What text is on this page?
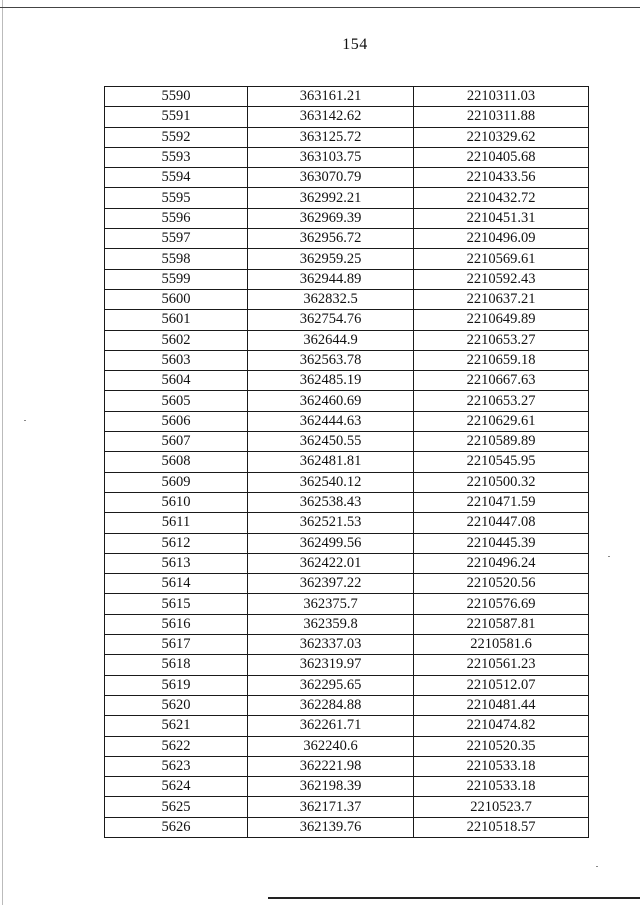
154
5590	363161.21	2210311.03
5591	363142.62	2210311.88
5592	363125.72	2210329.62
5593	363103.75	2210405.68
5594	363070.79	2210433.56
5595	362992.21	2210432.72
5596	362969.39	2210451.31
5597	362956.72	2210496.09
5598	362959.25	2210569.61
5599	362944.89	2210592.43
5600	362832.5	2210637.21
5601	362754.76	2210649.89
5602	362644.9	2210653.27
5603	362563.78	2210659.18
5604	362485.19	2210667.63
5605	362460.69	2210653.27
5606	362444.63	2210629.61
5607	362450.55	2210589.89
5608	362481.81	2210545.95
5609	362540.12	2210500.32
5610	362538.43	2210471.59
5611	362521.53	2210447.08
5612	362499.56	2210445.39
5613	362422.01	2210496.24
5614	362397.22	2210520.56
5615	362375.7	2210576.69
5616	362359.8	2210587.81
5617	362337.03	2210581.6
5618	362319.97	2210561.23
5619	362295.65	2210512.07
5620	362284.88	2210481.44
5621	362261.71	2210474.82
5622	362240.6	2210520.35
5623	362221.98	2210533.18
5624	362198.39	2210533.18
5625	362171.37	2210523.7
5626	362139.76	2210518.57
